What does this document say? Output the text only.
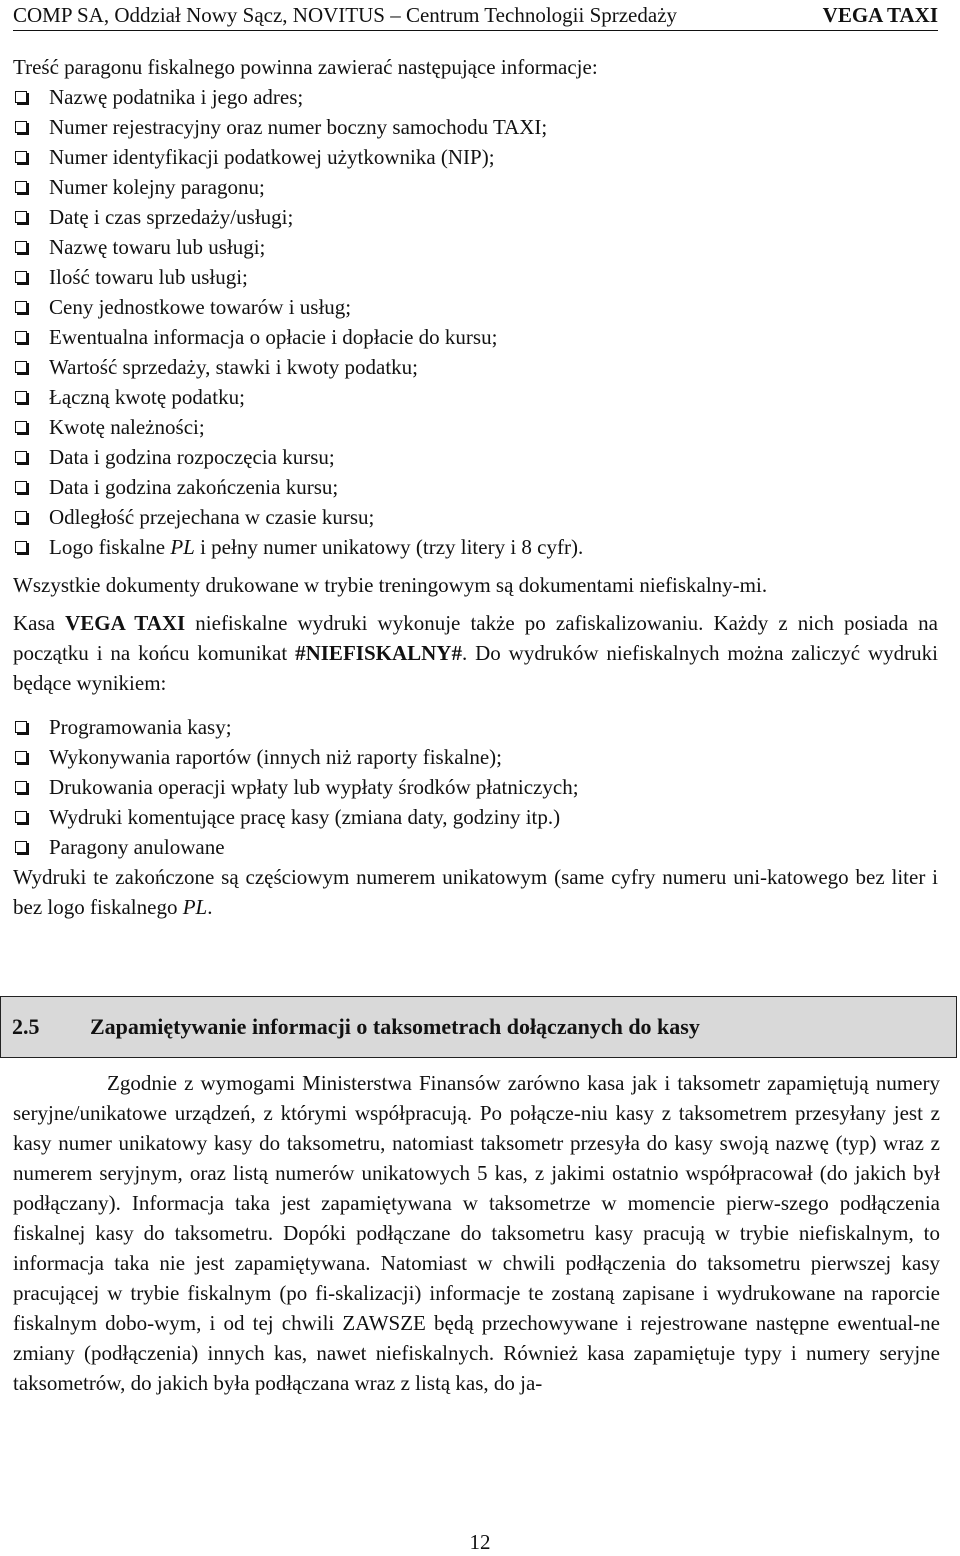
COMP SA, Oddział Nowy Sącz, NOVITUS – Centrum Technologii Sprzedaży	VEGA TAXI

Treść paragonu fiskalnego powinna zawierać następujące informacje:

Nazwę podatnika i jego adres;
Numer rejestracyjny oraz numer boczny samochodu TAXI;
Numer identyfikacji podatkowej użytkownika (NIP);
Numer kolejny paragonu;
Datę i czas sprzedaży/usługi;
Nazwę towaru lub usługi;
Ilość towaru lub usługi;
Ceny jednostkowe towarów i usług;
Ewentualna informacja o opłacie i dopłacie do kursu;
Wartość sprzedaży, stawki i kwoty podatku;
Łączną kwotę podatku;
Kwotę należności;
Data i godzina rozpoczęcia kursu;
Data i godzina zakończenia kursu;
Odległość przejechana w czasie kursu;
Logo fiskalne PL i pełny numer unikatowy (trzy litery i 8 cyfr).

Wszystkie dokumenty drukowane w trybie treningowym są dokumentami niefiskalny-mi.

Kasa VEGA TAXI niefiskalne wydruki wykonuje także po zafiskalizowaniu. Każdy z nich posiada na początku i na końcu komunikat #NIEFISKALNY#. Do wydruków niefiskalnych można zaliczyć wydruki będące wynikiem:

Programowania kasy;
Wykonywania raportów (innych niż raporty fiskalne);
Drukowania operacji wpłaty lub wypłaty środków płatniczych;
Wydruki komentujące pracę kasy (zmiana daty, godziny itp.)
Paragony anulowane

Wydruki te zakończone są częściowym numerem unikatowym (same cyfry numeru uni-katowego bez liter i bez logo fiskalnego PL.

2.5	Zapamiętywanie informacji o taksometrach dołączanych do kasy
Zgodnie z wymogami Ministerstwa Finansów zarówno kasa jak i taksometr zapamiętują numery seryjne/unikatowe urządzeń, z którymi współpracują. Po połącze-niu kasy z taksometrem przesyłany jest z kasy numer unikatowy kasy do taksometru, natomiast taksometr przesyła do kasy swoją nazwę (typ) wraz z numerem seryjnym, oraz listą numerów unikatowych 5 kas, z jakimi ostatnio współpracował (do jakich był podłączany). Informacja taka jest zapamiętywana w taksometrze w momencie pierw-szego podłączenia fiskalnej kasy do taksometru. Dopóki podłączane do taksometru kasy pracują w trybie niefiskalnym, to informacja taka nie jest zapamiętywana. Natomiast w chwili podłączenia do taksometru pierwszej kasy pracującej w trybie fiskalnym (po fi-skalizacji) informacje te zostaną zapisane i wydrukowane na raporcie fiskalnym dobo-wym, i od tej chwili ZAWSZE będą przechowywane i rejestrowane następne ewentual-ne zmiany (podłączenia) innych kas, nawet niefiskalnych. Również kasa zapamiętuje typy i numery seryjne taksometrów, do jakich była podłączana wraz z listą kas, do ja-
12
